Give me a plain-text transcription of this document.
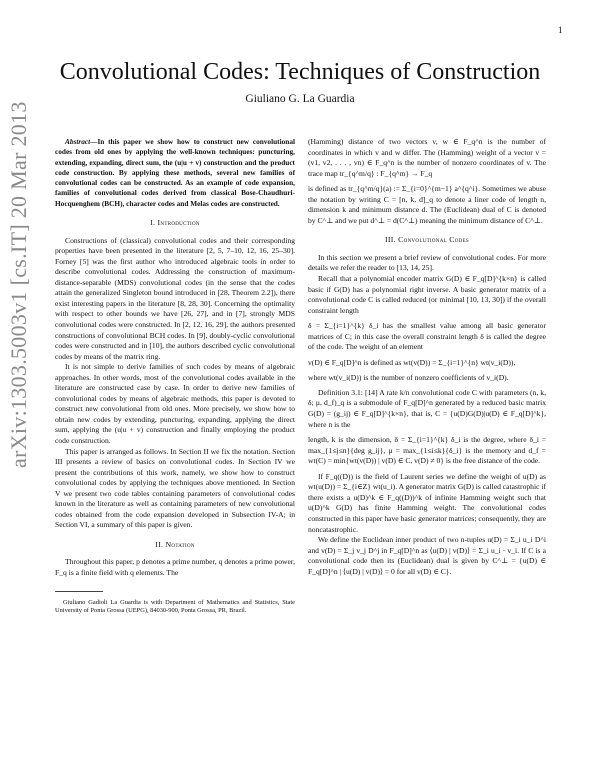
1
arXiv:1303.5003v1 [cs.IT] 20 Mar 2013
Convolutional Codes: Techniques of Construction
Giuliano G. La Guardia

Abstract—In this paper we show how to construct new convolutional codes from old ones by applying the well-known techniques: puncturing, extending, expanding, direct sum, the (u|u + v) construction and the product code construction. By applying these methods, several new families of convolutional codes can be constructed. As an example of code expansion, families of convolutional codes derived from classical Bose-Chaudhuri-Hocquenghem (BCH), character codes and Melas codes are constructed.

I. Introduction

Constructions of (classical) convolutional codes and their corresponding properties have been presented in the literature [2, 5, 7–10, 12, 16, 25–30]. Forney [5] was the first author who introduced algebraic tools in order to describe convolutional codes. Addressing the construction of maximum-distance-separable (MDS) convolutional codes (in the sense that the codes attain the generalized Singleton bound introduced in [28, Theorem 2.2]), there exist interesting papers in the literature [8, 28, 30]. Concerning the optimality with respect to other bounds we have [26, 27], and in [7], strongly MDS convolutional codes were constructed. In [2, 12, 16, 29], the authors presented constructions of convolutional BCH codes. In [9], doubly-cyclic convolutional codes were constructed and in [10], the authors described cyclic convolutional codes by means of the matrix ring.

It is not simple to derive families of such codes by means of algebraic approaches. In other words, most of the convolutional codes available in the literature are constructed case by case. In order to derive new families of convolutional codes by means of algebraic methods, this paper is devoted to construct new convolutional from old ones. More precisely, we show how to obtain new codes by extending, puncturing, expanding, applying the direct sum, applying the (u|u + v) construction and finally employing the product code construction.

This paper is arranged as follows. In Section II we fix the notation. Section III presents a review of basics on convolutional codes. In Section IV we present the contributions of this work, namely, we show how to construct convolutional codes by applying the techniques above mentioned. In Section V we present two code tables containing parameters of convolutional codes known in the literature as well as containing parameters of new convolutional codes obtained from the code expansion developed in Subsection IV-A; in Section VI, a summary of this paper is given.

II. Notation

Throughout this paper, p denotes a prime number, q denotes a prime power, F_q is a finite field with q elements. The

Giuliano Gadioli La Guardia is with Department of Mathematics and Statistics, State University of Ponta Grossa (UEPG), 84030-900, Ponta Grossa, PR, Brazil.

(Hamming) distance of two vectors v, w ∈ F_q^n is the number of coordinates in which v and w differ. The (Hamming) weight of a vector v = (v1, v2, . . . , vn) ∈ F_q^n is the number of nonzero coordinates of v. The trace map tr_{q^m/q} : F_{q^m} → F_q

is defined as tr_{q^m/q}(a) := Σ_{i=0}^{m−1} a^{q^i}. Sometimes we abuse the notation by writing C = [n, k, d]_q to denote a liner code of length n, dimension k and minimum distance d. The (Euclidean) dual of C is denoted by C^⊥ and we put d^⊥ = d(C^⊥) meaning the minimum distance of C^⊥.

III. Convolutional Codes

In this section we present a brief review of convolutional codes. For more details we refer the reader to [13, 14, 25].

Recall that a polynomial encoder matrix G(D) ∈ F_q[D]^{k×n} is called basic if G(D) has a polynomial right inverse. A basic generator matrix of a convolutional code C is called reduced (or minimal [10, 13, 30]) if the overall constraint length

δ = Σ_{i=1}^{k} δ_i has the smallest value among all basic generator matrices of C; in this case the overall constraint length δ is called the degree of the code. The weight of an element

v(D) ∈ F_q[D]^n is defined as wt(v(D)) = Σ_{i=1}^{n} wt(v_i(D)),

where wt(v_i(D)) is the number of nonzero coefficients of v_i(D).

Definition 3.1: [14] A rate k/n convolutional code C with parameters (n, k, δ; μ, d_f)_q is a submodule of F_q[D]^n generated by a reduced basic matrix G(D) = (g_ij) ∈ F_q[D]^{k×n}, that is, C = {u(D)G(D)|u(D) ∈ F_q[D]^k}, where n is the

length, k is the dimension, δ = Σ_{i=1}^{k} δ_i is the degree, where δ_i = max_{1≤j≤n}{deg g_ij}, μ = max_{1≤i≤k}{δ_i} is the memory and d_f = wt(C) = min{wt(v(D)) | v(D) ∈ C, v(D) ≠ 0} is the free distance of the code.

If F_q((D)) is the field of Laurent series we define the weight of u(D) as wt(u(D)) = Σ_{i∈Z} wt(u_i). A generator matrix G(D) is called catastrophic if there exists a u(D)^k ∈ F_q((D))^k of infinite Hamming weight such that u(D)^k G(D) has finite Hamming weight. The convolutional codes constructed in this paper have basic generator matrices; consequently, they are noncatastrophic.

We define the Euclidean inner product of two n-tuples u(D) = Σ_i u_i D^i and v(D) = Σ_j v_j D^j in F_q[D]^n as ⟨u(D) | v(D)⟩ = Σ_i u_i · v_i. If C is a convolutional code then its (Euclidean) dual is given by C^⊥ = {u(D) ∈ F_q[D]^n | ⟨u(D) | v(D)⟩ = 0 for all v(D) ∈ C}.
